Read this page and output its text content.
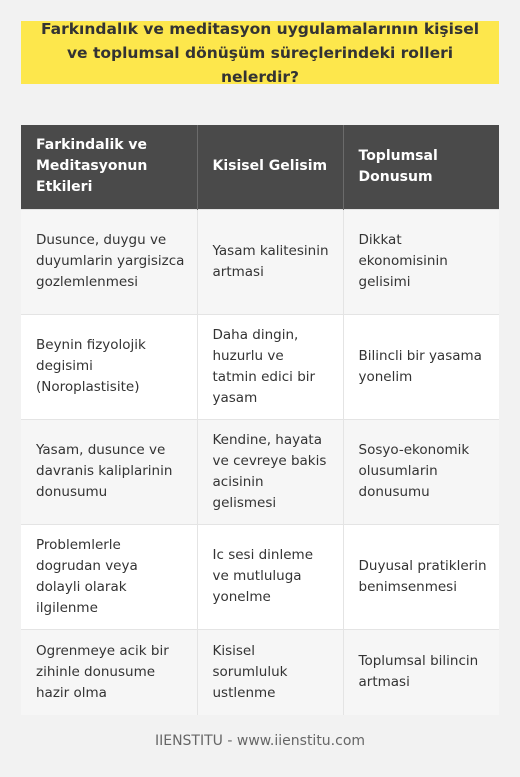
Farkındalık ve meditasyon uygulamalarının kişisel ve toplumsal dönüşüm süreçlerindeki rolleri nelerdir?
Farkindalik ve Meditasyonun Etkileri	Kisisel Gelisim	Toplumsal Donusum
Dusunce, duygu ve duyumlarin yargisizca gozlemlenmesi	Yasam kalitesinin artmasi	Dikkat ekonomisinin gelisimi
Beynin fizyolojik degisimi (Noroplastisite)	Daha dingin, huzurlu ve tatmin edici bir yasam	Bilincli bir yasama yonelim
Yasam, dusunce ve davranis kaliplarinin donusumu	Kendine, hayata ve cevreye bakis acisinin gelismesi	Sosyo-ekonomik olusumlarin donusumu
Problemlerle dogrudan veya dolayli olarak ilgilenme	Ic sesi dinleme ve mutluluga yonelme	Duyusal pratiklerin benimsenmesi
Ogrenmeye acik bir zihinle donusume hazir olma	Kisisel sorumluluk ustlenme	Toplumsal bilincin artmasi
IIENSTITU - www.iienstitu.com
